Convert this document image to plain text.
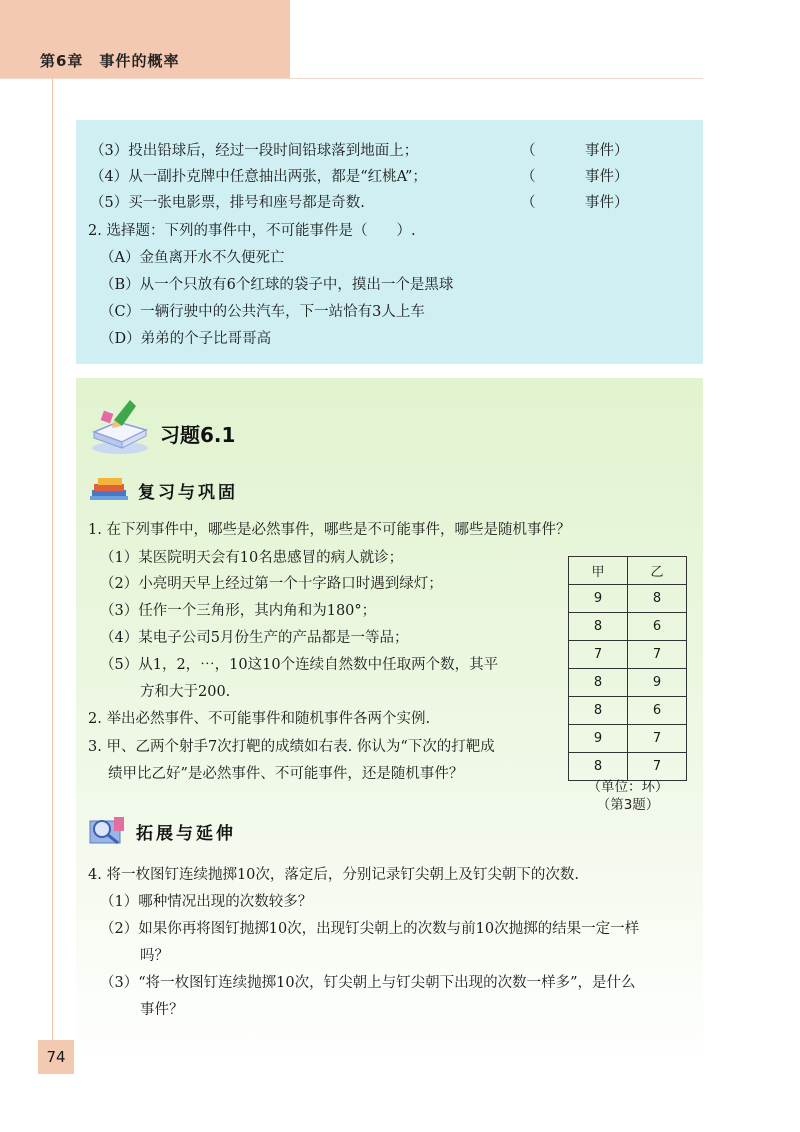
第6章　事件的概率
（3）投出铅球后，经过一段时间铅球落到地面上；	（	事件 ）
（4）从一副扑克牌中任意抽出两张，都是“红桃A”；	（	事件 ）
（5）买一张电影票，排号和座号都是奇数.	（	事件 ）
2. 选择题：下列的事件中，不可能事件是（　　）.
（A）金鱼离开水不久便死亡
（B）从一个只放有6个红球的袋子中，摸出一个是黑球
（C）一辆行驶中的公共汽车，下一站恰有3人上车
（D）弟弟的个子比哥哥高
习题6.1
复习与巩固
1. 在下列事件中，哪些是必然事件，哪些是不可能事件，哪些是随机事件？
（1）某医院明天会有10名患感冒的病人就诊；
（2）小亮明天早上经过第一个十字路口时遇到绿灯；
（3）任作一个三角形，其内角和为180°；
（4）某电子公司5月份生产的产品都是一等品；
（5）从1，2，⋯，10这10个连续自然数中任取两个数，其平
方和大于200.
2. 举出必然事件、不可能事件和随机事件各两个实例.
3. 甲、乙两个射手7次打靶的成绩如右表. 你认为“下次的打靶成
绩甲比乙好”是必然事件、不可能事件，还是随机事件？
甲	乙
9	8
8	6
7	7
8	9
8	6
9	7
8	7
（单位：环）
（第3题）
拓展与延伸
4. 将一枚图钉连续抛掷10次，落定后，分别记录钉尖朝上及钉尖朝下的次数.
（1）哪种情况出现的次数较多？
（2）如果你再将图钉抛掷10次，出现钉尖朝上的次数与前10次抛掷的结果一定一样
吗？
（3）“将一枚图钉连续抛掷10次，钉尖朝上与钉尖朝下出现的次数一样多”，是什么
事件？
74
